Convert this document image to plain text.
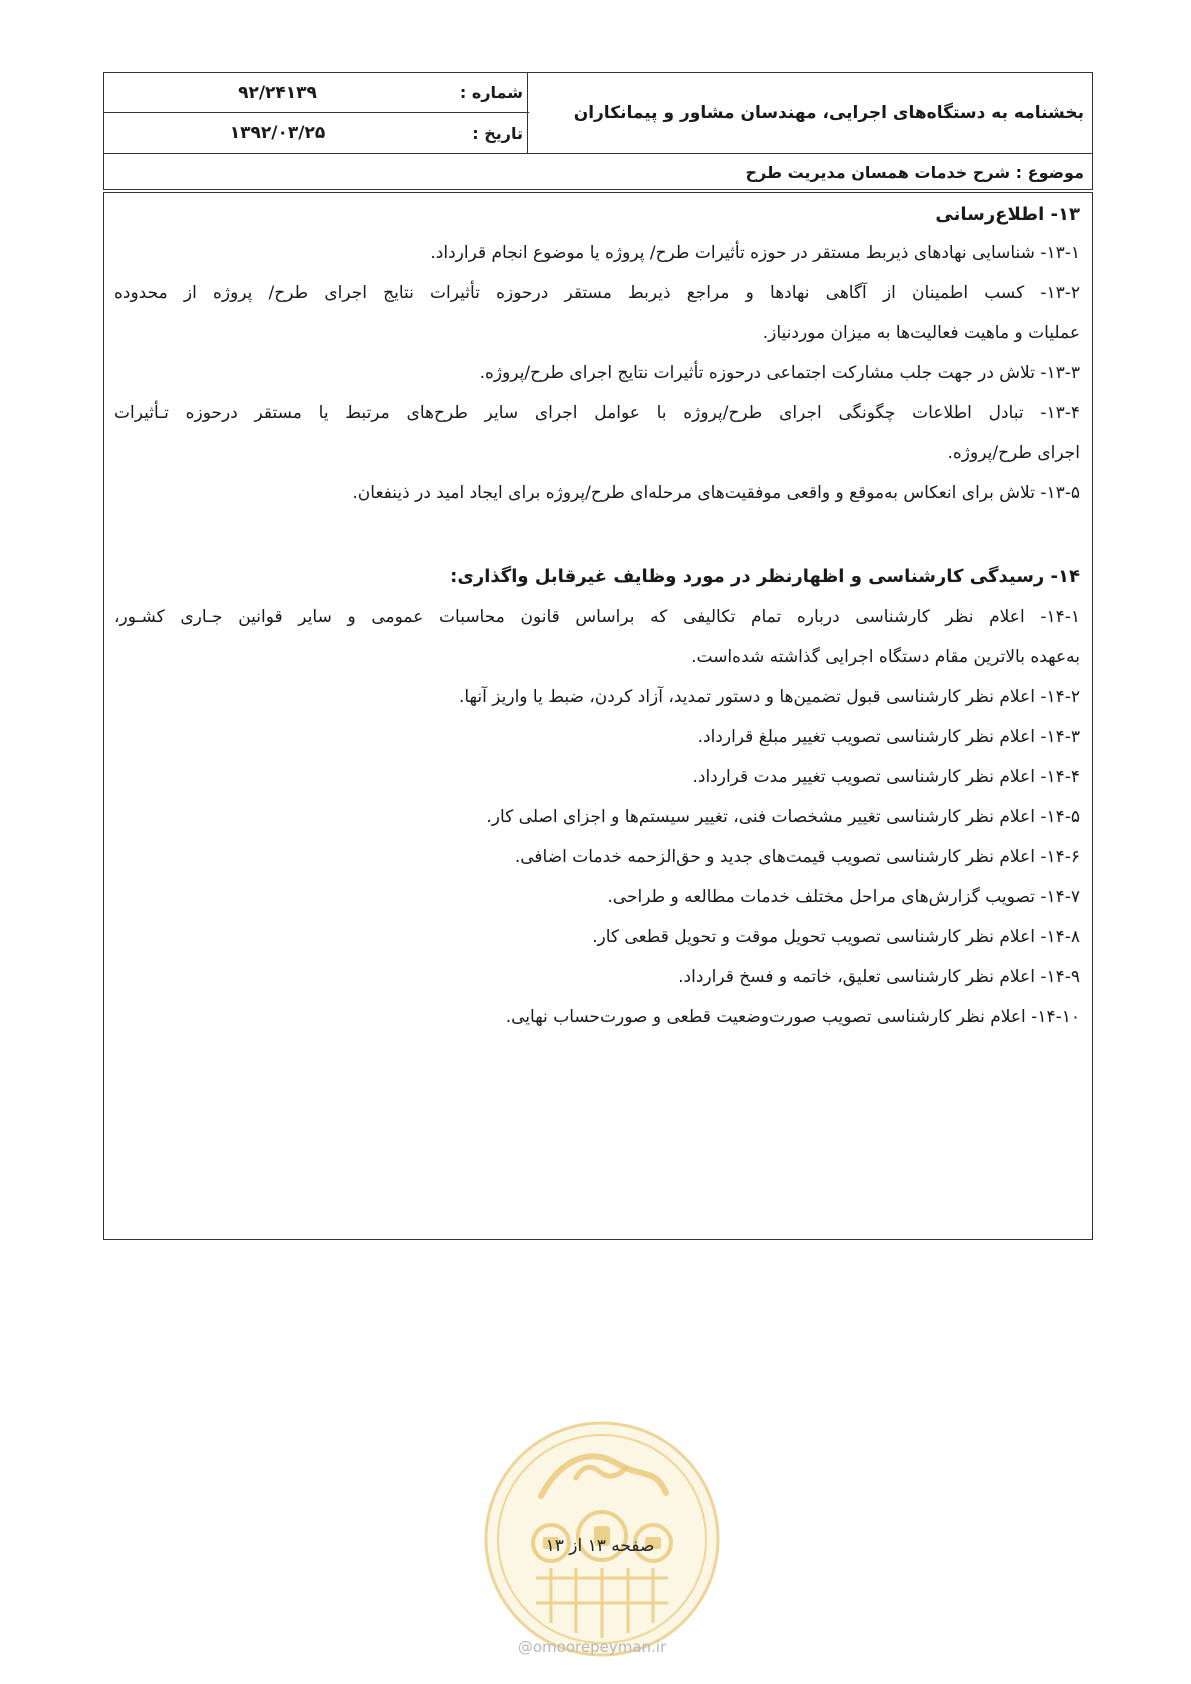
بخشنامه به دستگاه‌های اجرایی، مهندسان مشاور و پیمانکاران
شماره :
۹۲/۲۴۱۳۹
تاریخ :
۱۳۹۲/۰۳/۲۵
موضوع : شرح خدمات همسان مدیریت طرح
۱۳- اطلاع‌رسانی
۱۳-۱- شناسایی نهادهای ذیربط مستقر در حوزه تأثیرات طرح/ پروژه یا موضوع انجام قرارداد.
۱۳-۲- کسب اطمینان از آگاهی نهادها و مراجع ذیربط مستقر درحوزه تأثیرات نتایج اجرای طرح/ پروژه از محدوده
عملیات و ماهیت فعالیت‌ها به میزان موردنیاز.
۱۳-۳- تلاش در جهت جلب مشارکت اجتماعی درحوزه تأثیرات نتایج اجرای طرح/پروژه.
۱۳-۴- تبادل اطلاعات چگونگی اجرای طرح/پروژه با عوامل اجرای سایر طرح‌های مرتبط یا مستقر درحوزه تـأثیرات
اجرای طرح/پروژه.
۱۳-۵- تلاش برای انعکاس به‌موقع و واقعی موفقیت‌های مرحله‌ای طرح/پروژه برای ایجاد امید در ذینفعان.
۱۴- رسیدگی کارشناسی و اظهارنظر در مورد وظایف غیرقابل واگذاری:
۱۴-۱- اعلام نظر کارشناسی درباره تمام تکالیفی که براساس قانون محاسبات عمومی و سایر قوانین جـاری کشـور،
به‌عهده بالاترین مقام دستگاه اجرایی گذاشته شده‌است.
۱۴-۲- اعلام نظر کارشناسی قبول تضمین‌ها و دستور تمدید، آزاد کردن، ضبط یا واریز آنها.
۱۴-۳- اعلام نظر کارشناسی تصویب تغییر مبلغ قرارداد.
۱۴-۴- اعلام نظر کارشناسی تصویب تغییر مدت قرارداد.
۱۴-۵- اعلام نظر کارشناسی تغییر مشخصات فنی، تغییر سیستم‌ها و اجزای اصلی کار.
۱۴-۶- اعلام نظر کارشناسی تصویب قیمت‌های جدید و حق‌الزحمه خدمات اضافی.
۱۴-۷- تصویب گزارش‌های مراحل مختلف خدمات مطالعه و طراحی.
۱۴-۸- اعلام نظر کارشناسی تصویب تحویل موقت و تحویل قطعی کار.
۱۴-۹- اعلام نظر کارشناسی تعلیق، خاتمه و فسخ قرارداد.
۱۴-۱۰- اعلام نظر کارشناسی تصویب صورت‌وضعیت قطعی و صورت‌حساب نهایی.
صفحه ۱۳ از ۱۳
@omoorepeyman.ir
